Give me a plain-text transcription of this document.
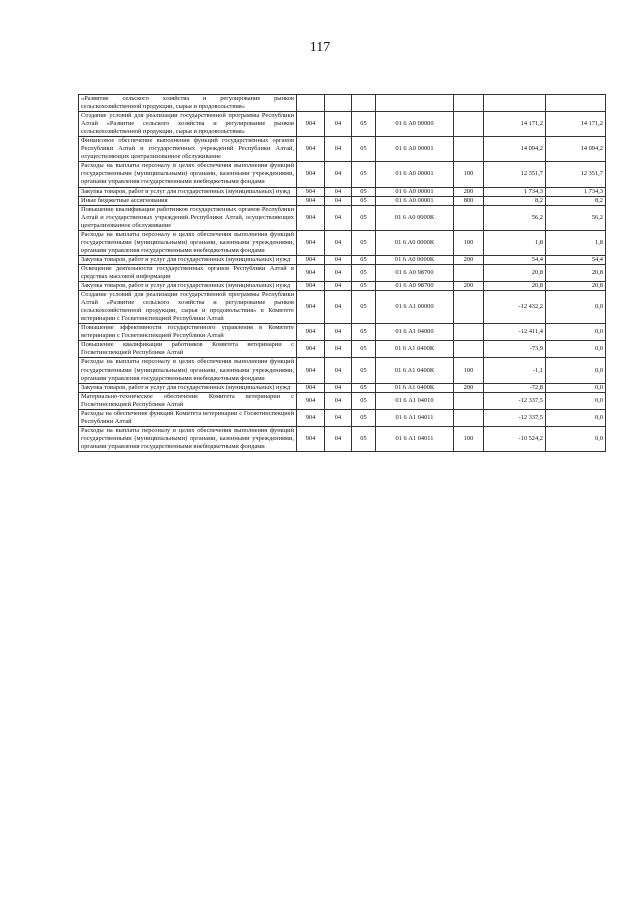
117
«Развитие сельского хозяйства и регулирование рынков сельскохозяйственной продукции, сырья и продовольствия»							
Создание условий для реализации государственной программы Республики Алтай «Развитие сельского хозяйства и регулирование рынков сельскохозяйственной продукции, сырья и продовольствия»	904	04	05	01 6 А0 00000		14 171,2	14 171,2
Финансовое обеспечение выполнения функций государственных органов Республики Алтай и государственных учреждений Республики Алтай, осуществляющих централизованное обслуживание	904	04	05	01 6 А0 00001		14 094,2	14 094,2
Расходы на выплаты персоналу в целях обеспечения выполнения функций государственными (муниципальными) органами, казенными учреждениями, органами управления государственными внебюджетными фондами	904	04	05	01 6 А0 00001	100	12 351,7	12 351,7
Закупка товаров, работ и услуг для государственных (муниципальных) нужд	904	04	05	01 6 А0 00001	200	1 734,3	1 734,3
Иные бюджетные ассигнования	904	04	05	01 6 А0 00001	800	8,2	8,2
Повышение квалификации работников государственных органов Республики Алтай и государственных учреждений Республики Алтай, осуществляющих централизованное обслуживание	904	04	05	01 6 А0 0000К		56,2	56,2
Расходы на выплаты персоналу в целях обеспечения выполнения функций государственными (муниципальными) органами, казенными учреждениями, органами управления государственными внебюджетными фондами	904	04	05	01 6 А0 0000К	100	1,8	1,8
Закупка товаров, работ и услуг для государственных (муниципальных) нужд	904	04	05	01 6 А0 0000К	200	54,4	54,4
Освещение деятельности государственных органов Республики Алтай в средствах массовой информации	904	04	05	01 6 А0 98700		20,8	20,8
Закупка товаров, работ и услуг для государственных (муниципальных) нужд	904	04	05	01 6 А0 98700	200	20,8	20,8
Создание условий для реализации государственной программы Республики Алтай «Развитие сельского хозяйства и регулирование рынков сельскохозяйственной продукции, сырья и продовольствия» в Комитете ветеринарии с Госветинспекцией Республики Алтай	904	04	05	01 6 А1 00000		-12 432,2	0,0
Повышение эффективности государственного управления в Комитете ветеринарии с Госветинспекцией Республики Алтай	904	04	05	01 6 А1 04000		-12 411,4	0,0
Повышение квалификации работников Комитета ветеринарии с Госветинспекцией Республики Алтай	904	04	05	01 6 А1 0400К		-73,9	0,0
Расходы на выплаты персоналу в целях обеспечения выполнения функций государственными (муниципальными) органами, казенными учреждениями, органами управления государственными внебюджетными фондами	904	04	05	01 6 А1 0400К	100	-1,1	0,0
Закупка товаров, работ и услуг для государственных (муниципальных) нужд	904	04	05	01 6 А1 0400К	200	-72,8	0,0
Материально-техническое обеспечение Комитета ветеринарии с Госветинспекцией Республики Алтай	904	04	05	01 6 А1 04010		-12 337,5	0,0
Расходы на обеспечение функций Комитета ветеринарии с Госветинспекцией Республики Алтай	904	04	05	01 6 А1 04011		-12 337,5	0,0
Расходы на выплаты персоналу в целях обеспечения выполнения функций государственными (муниципальными) органами, казенными учреждениями, органами управления государственными внебюджетными фондами	904	04	05	01 6 А1 04011	100	-10 524,2	0,0
